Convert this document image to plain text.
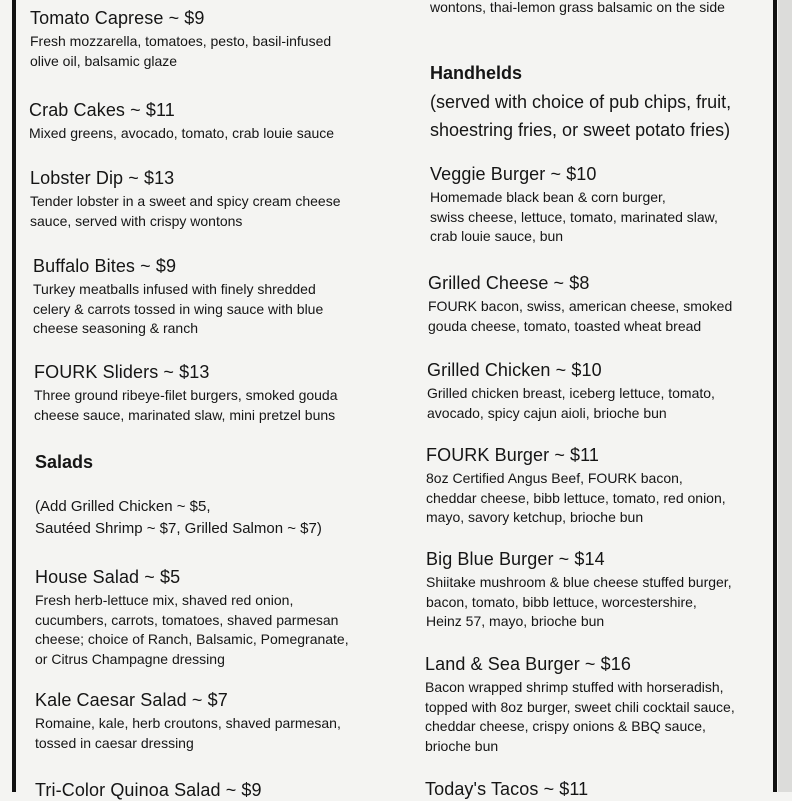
Tomato Caprese ~ $9
Fresh mozzarella, tomatoes, pesto, basil-infused
olive oil, balsamic glaze
Crab Cakes ~ $11
Mixed greens, avocado, tomato, crab louie sauce
Lobster Dip ~ $13
Tender lobster in a sweet and spicy cream cheese
sauce, served with crispy wontons
Buffalo Bites ~ $9
Turkey meatballs infused with finely shredded
celery & carrots tossed in wing sauce with blue
cheese seasoning & ranch
FOURK Sliders ~ $13
Three ground ribeye-filet burgers, smoked gouda
cheese sauce, marinated slaw, mini pretzel buns
Salads
(Add Grilled Chicken ~ $5,
Sautéed Shrimp ~ $7, Grilled Salmon ~ $7)
House Salad ~ $5
Fresh herb-lettuce mix, shaved red onion,
cucumbers, carrots, tomatoes, shaved parmesan
cheese; choice of Ranch, Balsamic, Pomegranate,
or Citrus Champagne dressing
Kale Caesar Salad ~ $7
Romaine, kale, herb croutons, shaved parmesan,
tossed in caesar dressing
Tri-Color Quinoa Salad ~ $9
wontons, thai-lemon grass balsamic on the side
Handhelds
(served with choice of pub chips, fruit,
shoestring fries, or sweet potato fries)
Veggie Burger ~ $10
Homemade black bean & corn burger,
swiss cheese, lettuce, tomato, marinated slaw,
crab louie sauce, bun
Grilled Cheese ~ $8
FOURK bacon, swiss, american cheese, smoked
gouda cheese, tomato, toasted wheat bread
Grilled Chicken ~ $10
Grilled chicken breast, iceberg lettuce, tomato,
avocado, spicy cajun aioli, brioche bun
FOURK Burger ~ $11
8oz Certified Angus Beef, FOURK bacon,
cheddar cheese, bibb lettuce, tomato, red onion,
mayo, savory ketchup, brioche bun
Big Blue Burger ~ $14
Shiitake mushroom & blue cheese stuffed burger,
bacon, tomato, bibb lettuce, worcestershire,
Heinz 57, mayo, brioche bun
Land & Sea Burger ~ $16
Bacon wrapped shrimp stuffed with horseradish,
topped with 8oz burger, sweet chili cocktail sauce,
cheddar cheese, crispy onions & BBQ sauce,
brioche bun
Today's Tacos ~ $11
